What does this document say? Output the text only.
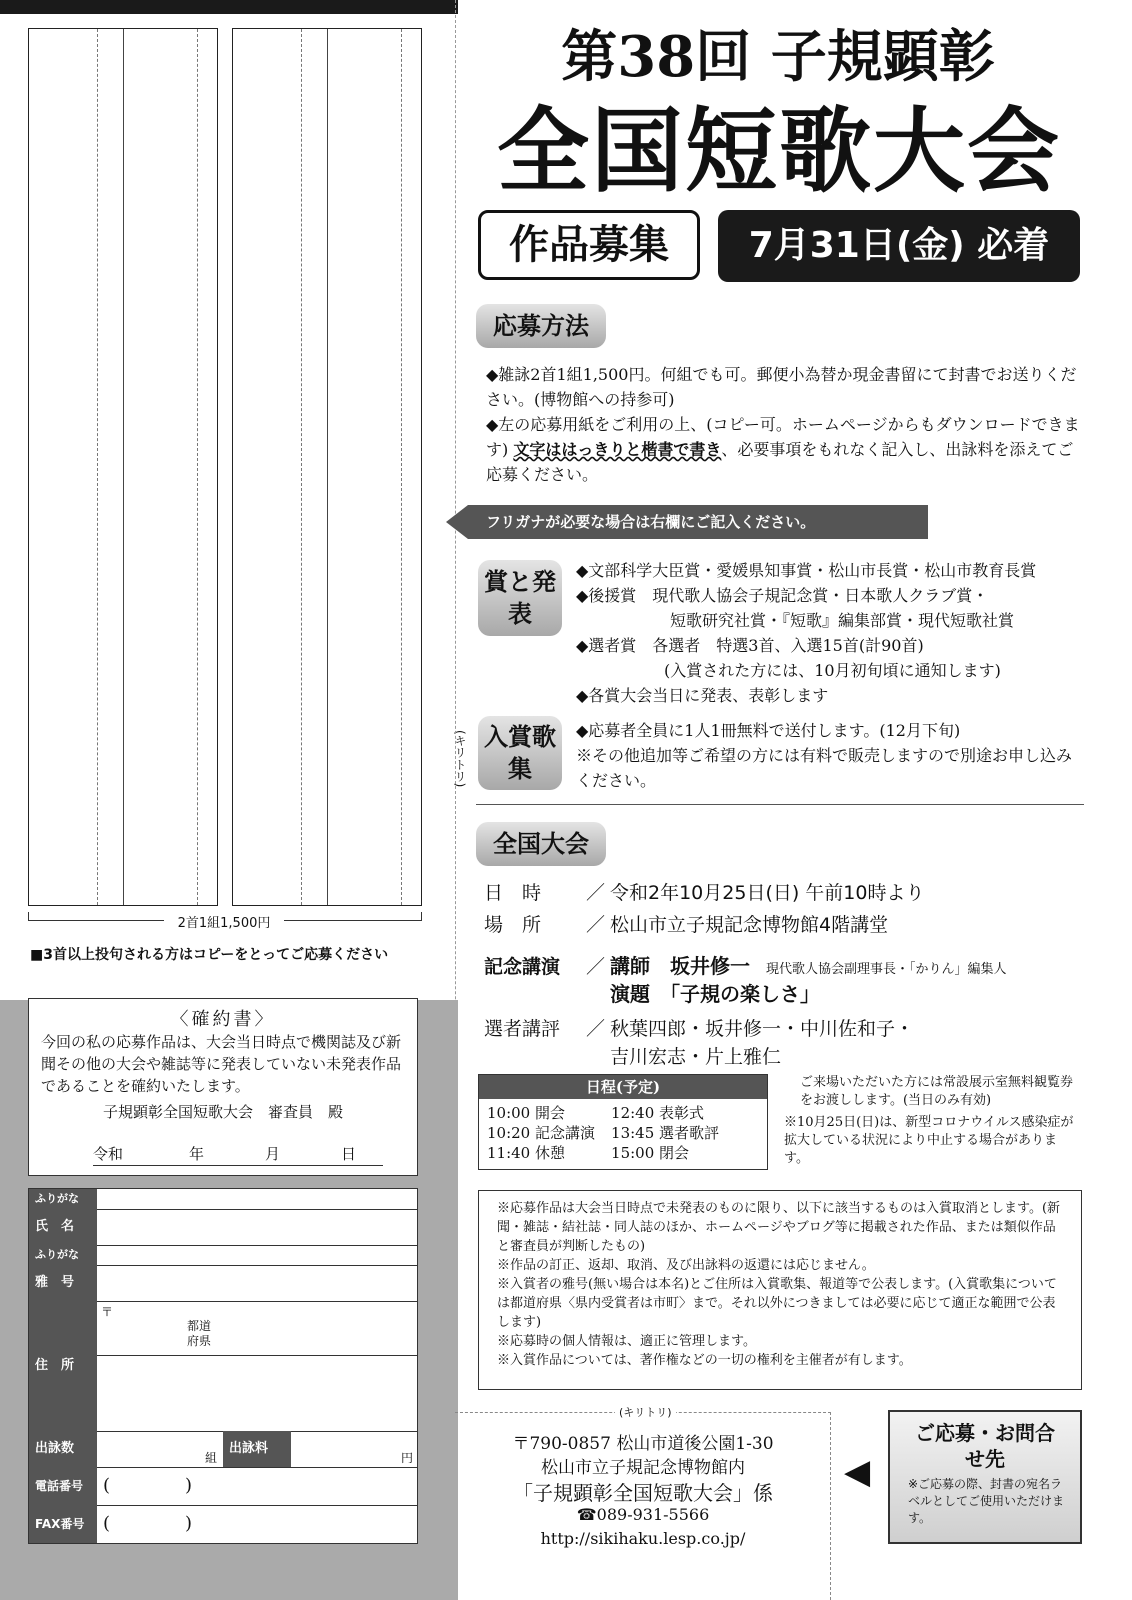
2首1組1,500円
■3首以上投句される方はコピーをとってご応募ください
(キリトリ)
〈確約書〉
今回の私の応募作品は、大会当日時点で機関誌及び新聞その他の大会や雑誌等に発表していない未発表作品であることを確約いたします。
子規顕彰全国短歌大会　審査員　殿
令和	年	月	日
ふりがな
氏　名
ふりがな
雅　号
住　所
〒
都道府県
出詠数
組
出詠料
円
電話番号	(	)
FAX番号	(	)
第38回 子規顕彰
全国短歌大会
作品募集	7月31日(金) 必着
応募方法
◆雑詠2首1組1,500円。何組でも可。郵便小為替か現金書留にて封書でお送りください。(博物館への持参可)
◆左の応募用紙をご利用の上、(コピー可。ホームページからもダウンロードできます) 文字ははっきりと楷書で書き、必要事項をもれなく記入し、出詠料を添えてご応募ください。
フリガナが必要な場合は右欄にご記入ください。
賞と発表
◆文部科学大臣賞・愛媛県知事賞・松山市長賞・松山市教育長賞
◆後援賞　現代歌人協会子規記念賞・日本歌人クラブ賞・
短歌研究社賞・『短歌』編集部賞・現代短歌社賞
◆選者賞　各選者　特選3首、入選15首(計90首)
(入賞された方には、10月初旬頃に通知します)
◆各賞大会当日に発表、表彰します
入賞歌集
◆応募者全員に1人1冊無料で送付します。(12月下旬)
※その他追加等ご希望の方には有料で販売しますので別途お申し込みください。
全国大会
日　時 ／ 令和2年10月25日(日) 午前10時より
場　所 ／ 松山市立子規記念博物館4階講堂
記念講演 ／ 講師　坂井修一 現代歌人協会副理事長・「かりん」編集人
演題　「子規の楽しさ」
選者講評 ／ 秋葉四郎・坂井修一・中川佐和子・
吉川宏志・片上雅仁
日程(予定)
10:00 開会	12:40 表彰式
10:20 記念講演	13:45 選者歌評
11:40 休憩	15:00 閉会
ご来場いただいた方には常設展示室無料観覧券をお渡しします。(当日のみ有効)
※10月25日(日)は、新型コロナウイルス感染症が拡大している状況により中止する場合があります。
※応募作品は大会当日時点で未発表のものに限り、以下に該当するものは入賞取消とします。(新聞・雑誌・結社誌・同人誌のほか、ホームページやブログ等に掲載された作品、または類似作品と審査員が判断したもの)
※作品の訂正、返却、取消、及び出詠料の返還には応じません。
※入賞者の雅号(無い場合は本名)とご住所は入賞歌集、報道等で公表します。(入賞歌集については都道府県〈県内受賞者は市町〉まで。それ以外につきましては必要に応じて適正な範囲で公表します)
※応募時の個人情報は、適正に管理します。
※入賞作品については、著作権などの一切の権利を主催者が有します。
(キリトリ)
〒790-0857 松山市道後公園1-30
松山市立子規記念博物館内
「子規顕彰全国短歌大会」係
☎089-931-5566
http://sikihaku.lesp.co.jp/
◀
ご応募・お問合せ先
※ご応募の際、封書の宛名ラベルとしてご使用いただけます。
